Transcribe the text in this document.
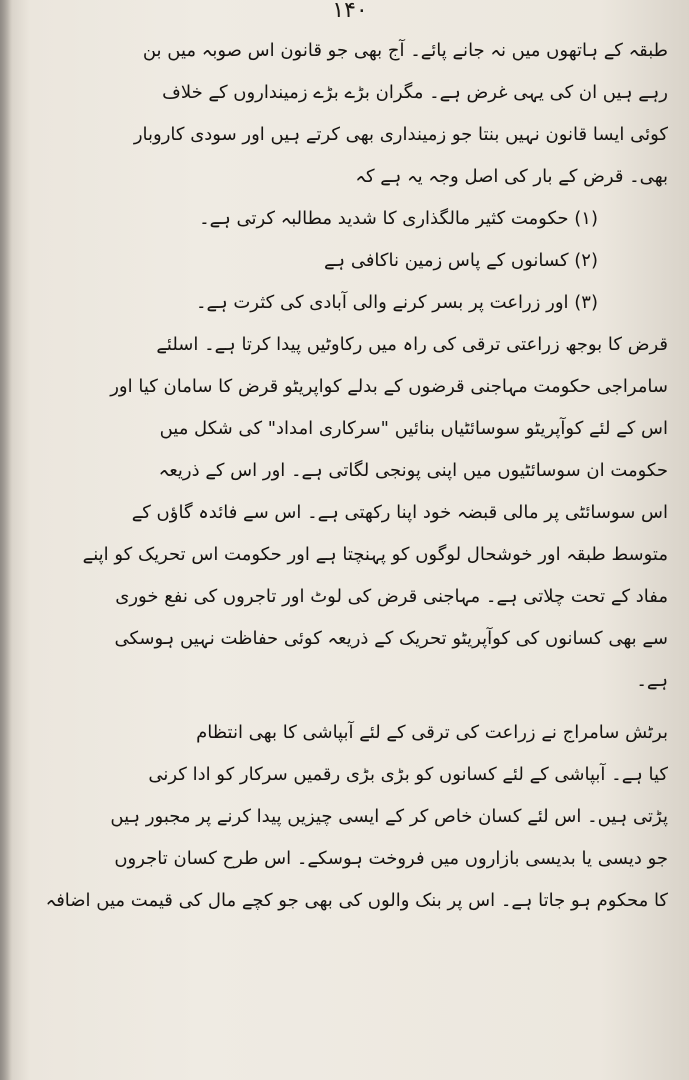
۱۴۰
طبقہ کے ہاتھوں میں نہ جانے پائے۔ آج بھی جو قانون اس صوبہ میں بن
رہے ہیں ان کی یہی غرض ہے۔ مگران بڑے بڑے زمینداروں کے خلاف
کوئی ایسا قانون نہیں بنتا جو زمینداری بھی کرتے ہیں اور سودی کاروبار
بھی۔ قرض کے بار کی اصل وجہ یہ ہے کہ
(۱) حکومت کثیر مالگذاری کا شدید مطالبہ کرتی ہے۔
(۲) کسانوں کے پاس زمین ناکافی ہے
(۳) اور زراعت پر بسر کرنے والی آبادی کی کثرت ہے۔
قرض کا بوجھ زراعتی ترقی کی راہ میں رکاوٹیں پیدا کرتا ہے۔ اسلئے
سامراجی حکومت مہاجنی قرضوں کے بدلے کواپریٹو قرض کا سامان کیا اور
اس کے لئے کوآپریٹو سوسائٹیاں بنائیں "سرکاری امداد" کی شکل میں
حکومت ان سوسائٹیوں میں اپنی پونجی لگاتی ہے۔ اور اس کے ذریعہ
اس سوسائٹی پر مالی قبضہ خود اپنا رکھتی ہے۔ اس سے فائدہ گاؤں کے
متوسط طبقہ اور خوشحال لوگوں کو پہنچتا ہے اور حکومت اس تحریک کو اپنے
مفاد کے تحت چلاتی ہے۔ مہاجنی قرض کی لوٹ اور تاجروں کی نفع خوری
سے بھی کسانوں کی کوآپریٹو تحریک کے ذریعہ کوئی حفاظت نہیں ہوسکی
ہے۔
برٹش سامراج نے زراعت کی ترقی کے لئے آبپاشی کا بھی انتظام
کیا ہے۔ آبپاشی کے لئے کسانوں کو بڑی بڑی رقمیں سرکار کو ادا کرنی
پڑتی ہیں۔ اس لئے کسان خاص کر کے ایسی چیزیں پیدا کرنے پر مجبور ہیں
جو دیسی یا بدیسی بازاروں میں فروخت ہوسکے۔ اس طرح کسان تاجروں
کا محکوم ہو جاتا ہے۔ اس پر بنک والوں کی بھی جو کچے مال کی قیمت میں اضافہ
